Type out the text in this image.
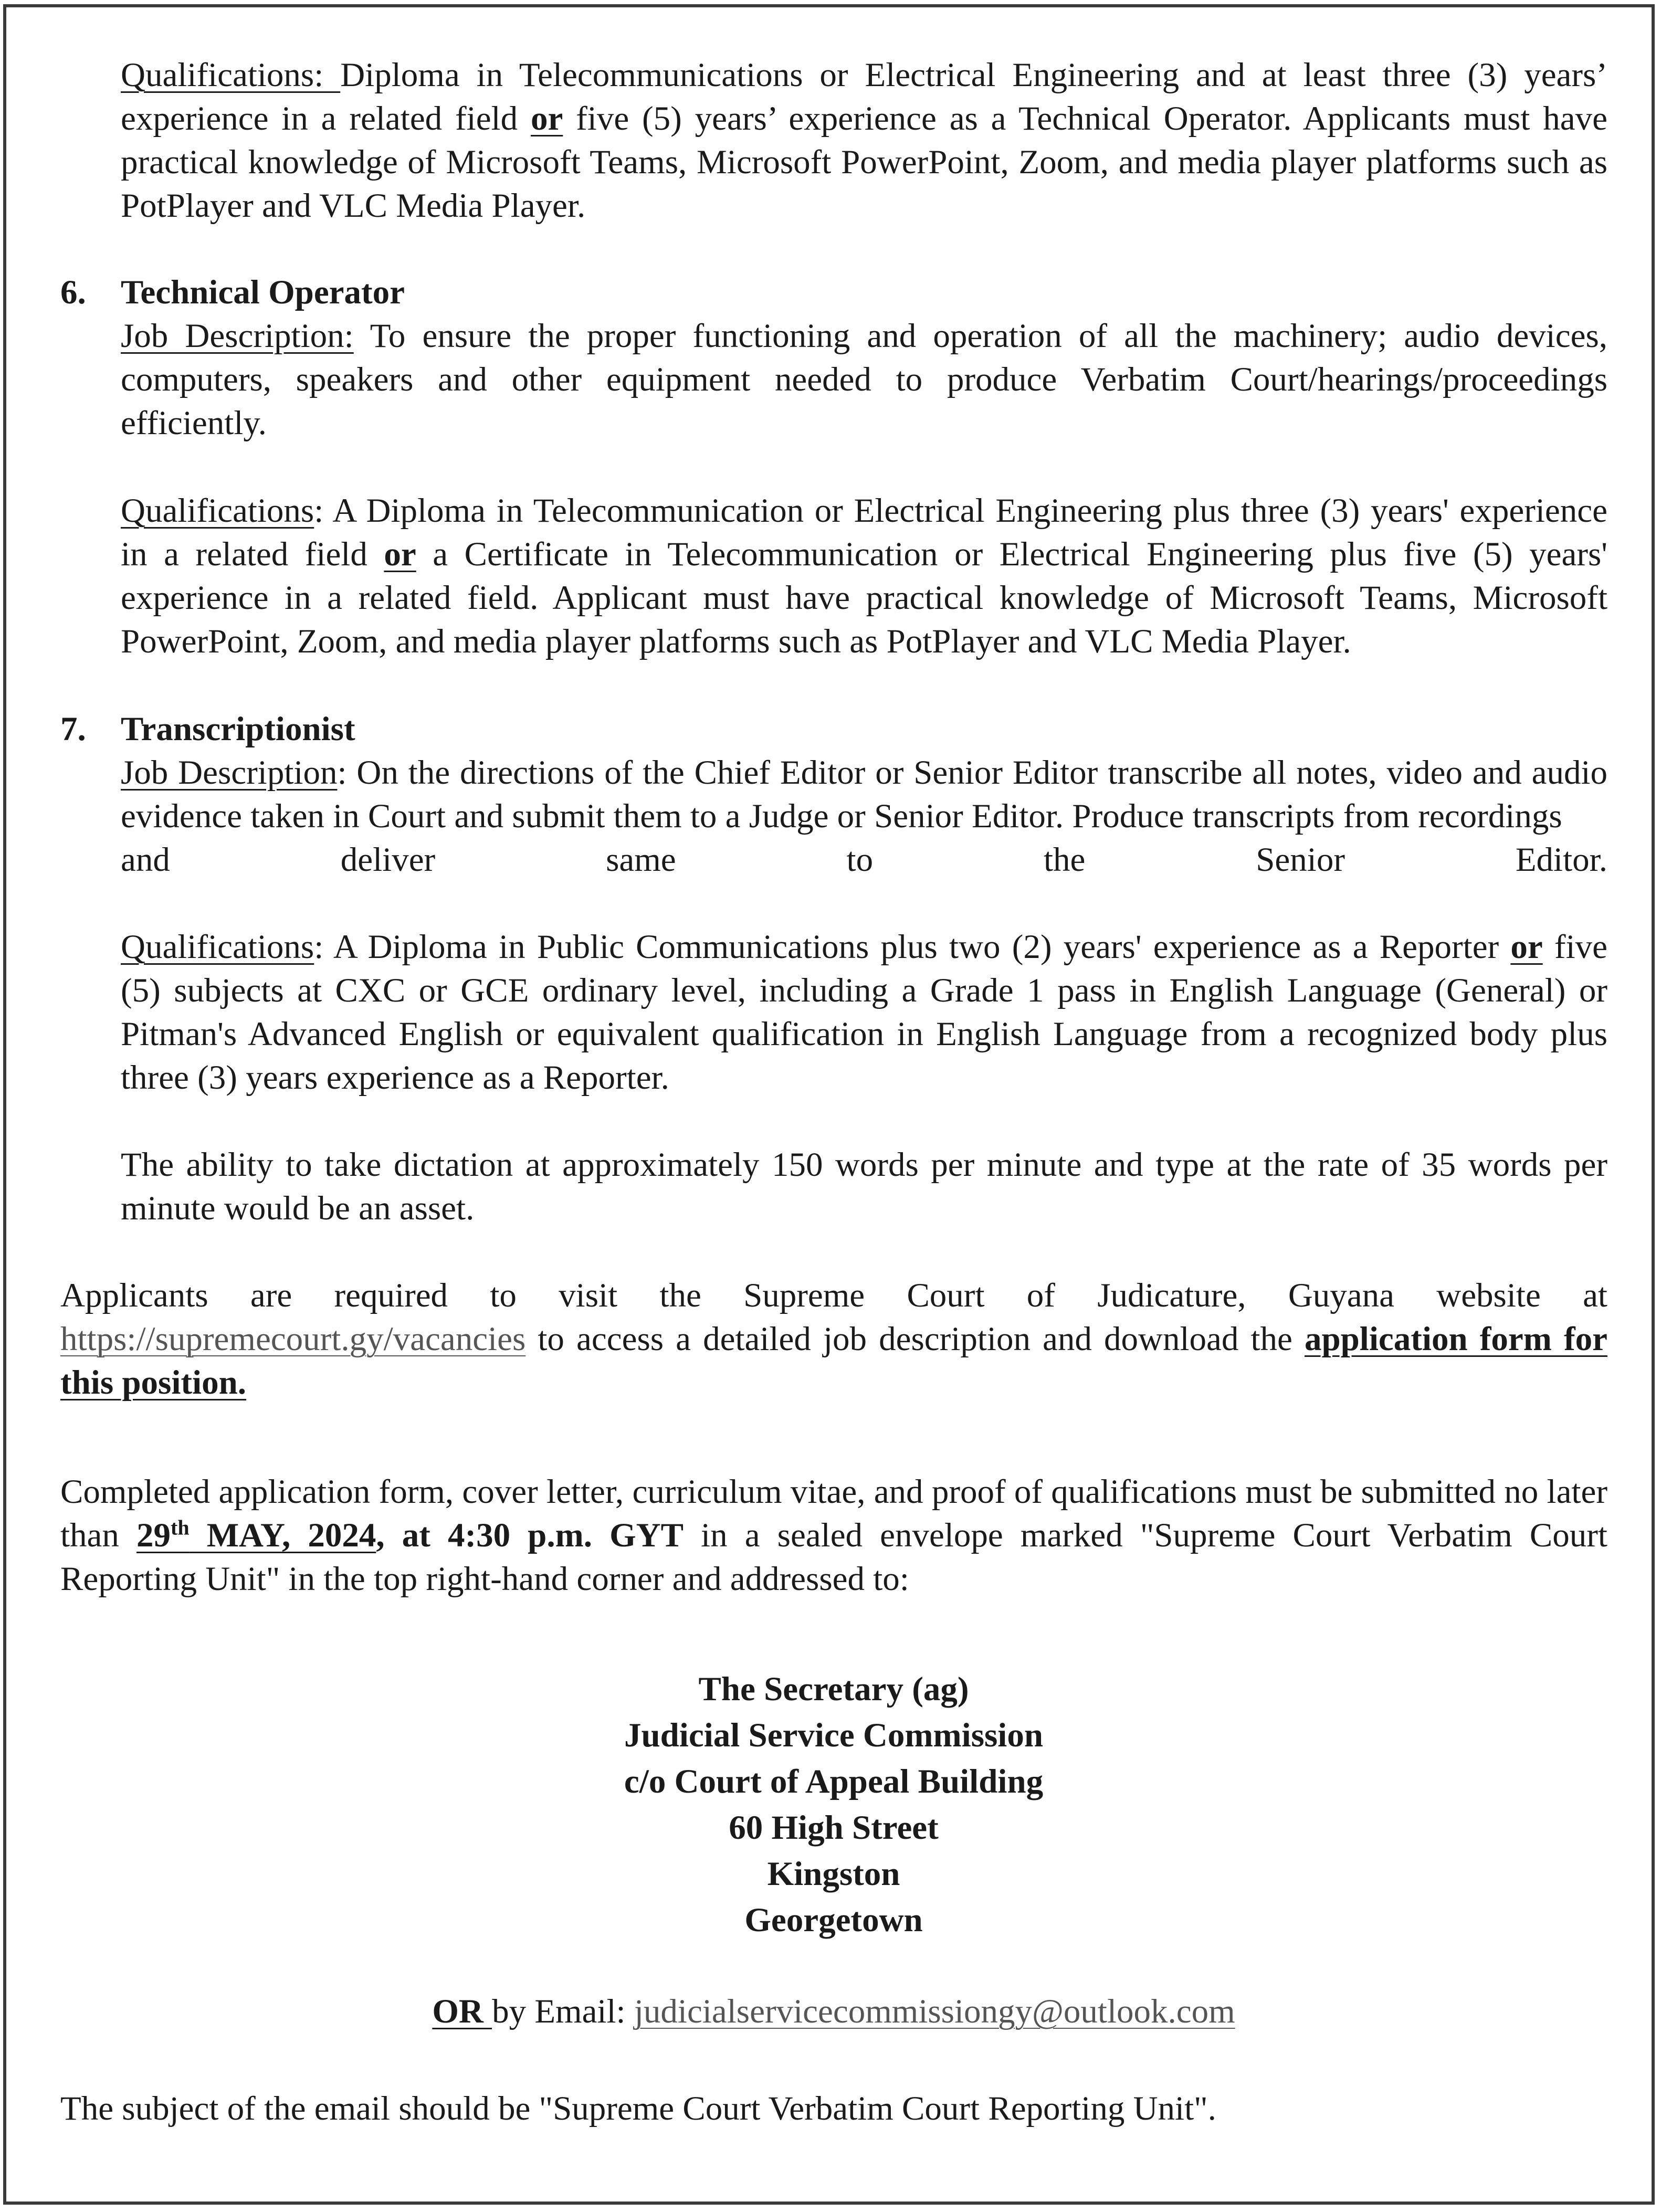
Qualifications: Diploma in Telecommunications or Electrical Engineering and at least three (3) years’ experience in a related field or five (5) years’ experience as a Technical Operator. Applicants must have practical knowledge of Microsoft Teams, Microsoft PowerPoint, Zoom, and media player platforms such as PotPlayer and VLC Media Player.

6. Technical Operator

Job Description: To ensure the proper functioning and operation of all the machinery; audio devices, computers, speakers and other equipment needed to produce Verbatim Court/hearings/proceedings efficiently.

Qualifications: A Diploma in Telecommunication or Electrical Engineering plus three (3) years' experience in a related field or a Certificate in Telecommunication or Electrical Engineering plus five (5) years' experience in a related field. Applicant must have practical knowledge of Microsoft Teams, Microsoft PowerPoint, Zoom, and media player platforms such as PotPlayer and VLC Media Player.

7. Transcriptionist

Job Description: On the directions of the Chief Editor or Senior Editor transcribe all notes, video and audio evidence taken in Court and submit them to a Judge or Senior Editor. Produce transcripts from recordings

and deliver same to the Senior Editor.

Qualifications: A Diploma in Public Communications plus two (2) years' experience as a Reporter or five (5) subjects at CXC or GCE ordinary level, including a Grade 1 pass in English Language (General) or Pitman's Advanced English or equivalent qualification in English Language from a recognized body plus three (3) years experience as a Reporter.

The ability to take dictation at approximately 150 words per minute and type at the rate of 35 words per minute would be an asset.

Applicants are required to visit the Supreme Court of Judicature, Guyana website at

https://supremecourt.gy/vacancies to access a detailed job description and download the application form for this position.

Completed application form, cover letter, curriculum vitae, and proof of qualifications must be submitted no later than 29th MAY, 2024, at 4:30 p.m. GYT in a sealed envelope marked "Supreme Court Verbatim Court Reporting Unit" in the top right-hand corner and addressed to:

The Secretary (ag)
Judicial Service Commission
c/o Court of Appeal Building
60 High Street
Kingston
Georgetown
OR by Email: judicialservicecommissiongy@outlook.com

The subject of the email should be "Supreme Court Verbatim Court Reporting Unit".
